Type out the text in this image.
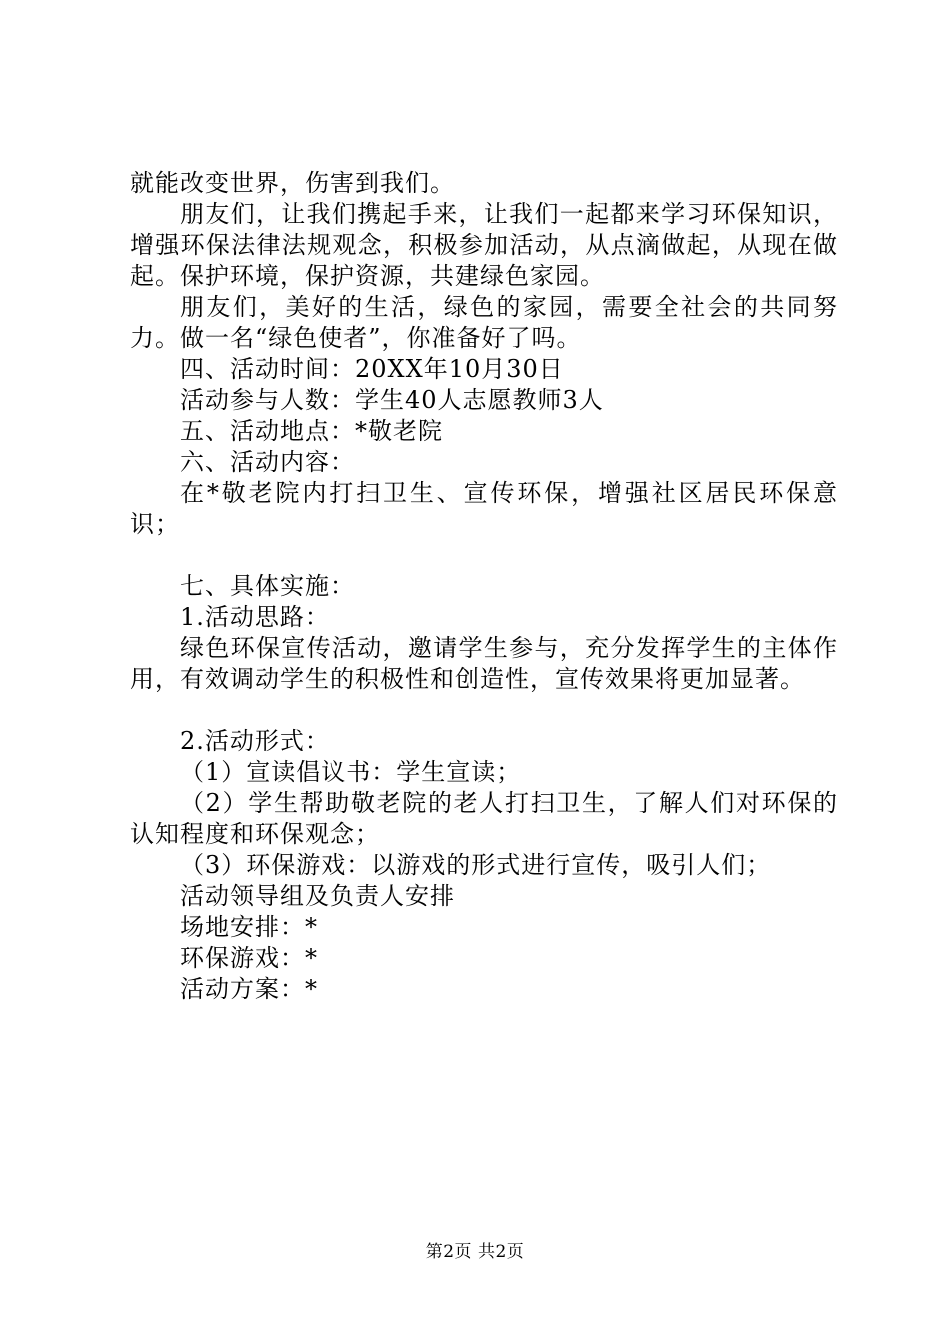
就能改变世界，伤害到我们。

朋友们，让我们携起手来，让我们一起都来学习环保知识，增强环保法律法规观念，积极参加活动，从点滴做起，从现在做起。保护环境，保护资源，共建绿色家园。

朋友们，美好的生活，绿色的家园，需要全社会的共同努力。做一名“绿色使者”，你准备好了吗。

四、活动时间：20XX年10月30日

活动参与人数：学生40人志愿教师3人

五、活动地点：*敬老院

六、活动内容：

在*敬老院内打扫卫生、宣传环保，增强社区居民环保意识；

七、具体实施：

1.活动思路：

绿色环保宣传活动，邀请学生参与，充分发挥学生的主体作用，有效调动学生的积极性和创造性，宣传效果将更加显著。

2.活动形式：

（1）宣读倡议书：学生宣读；

（2）学生帮助敬老院的老人打扫卫生，了解人们对环保的认知程度和环保观念；

（3）环保游戏：以游戏的形式进行宣传，吸引人们；

活动领导组及负责人安排

场地安排：*

环保游戏：*

活动方案：*

第2页 共2页
